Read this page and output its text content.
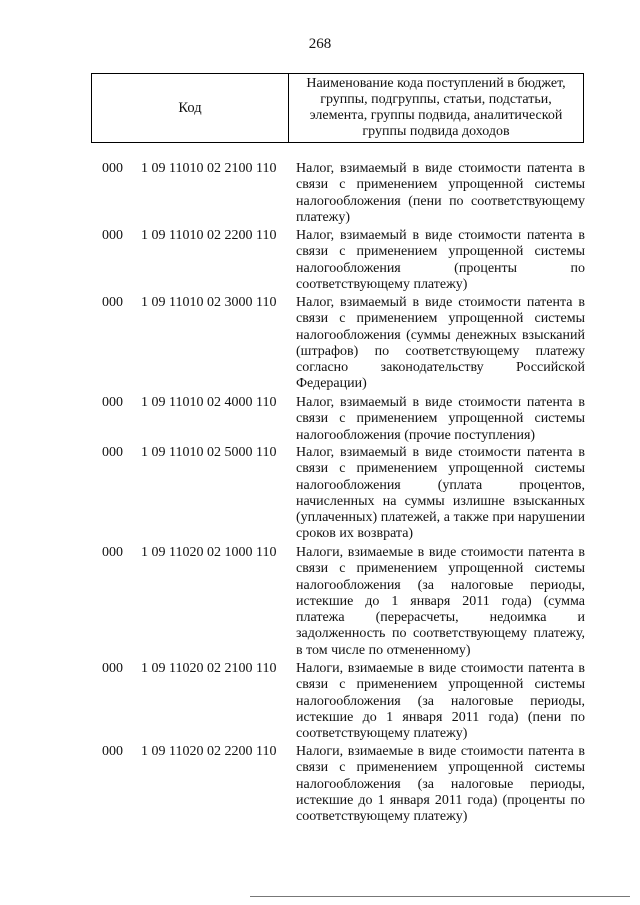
268
Код
Наименование кода поступлений в бюджет, группы, подгруппы, статьи, подстатьи, элемента, группы подвида, аналитической группы подвида доходов
000 1 09 11010 02 2100 110 Налог, взимаемый в виде стоимости патента в связи с применением упрощенной системы налогообложения (пени по соответствующему платежу)
000 1 09 11010 02 2200 110 Налог, взимаемый в виде стоимости патента в связи с применением упрощенной системы налогообложения (проценты по соответствующему платежу)
000 1 09 11010 02 3000 110 Налог, взимаемый в виде стоимости патента в связи с применением упрощенной системы налогообложения (суммы денежных взысканий (штрафов) по соответствующему платежу согласно законодательству Российской Федерации)
000 1 09 11010 02 4000 110 Налог, взимаемый в виде стоимости патента в связи с применением упрощенной системы налогообложения (прочие поступления)
000 1 09 11010 02 5000 110 Налог, взимаемый в виде стоимости патента в связи с применением упрощенной системы налогообложения (уплата процентов, начисленных на суммы излишне взысканных (уплаченных) платежей, а также при нарушении сроков их возврата)
000 1 09 11020 02 1000 110 Налоги, взимаемые в виде стоимости патента в связи с применением упрощенной системы налогообложения (за налоговые периоды, истекшие до 1 января 2011 года) (сумма платежа (перерасчеты, недоимка и задолженность по соответствующему платежу, в том числе по отмененному)
000 1 09 11020 02 2100 110 Налоги, взимаемые в виде стоимости патента в связи с применением упрощенной системы налогообложения (за налоговые периоды, истекшие до 1 января 2011 года) (пени по соответствующему платежу)
000 1 09 11020 02 2200 110 Налоги, взимаемые в виде стоимости патента в связи с применением упрощенной системы налогообложения (за налоговые периоды, истекшие до 1 января 2011 года) (проценты по соответствующему платежу)
